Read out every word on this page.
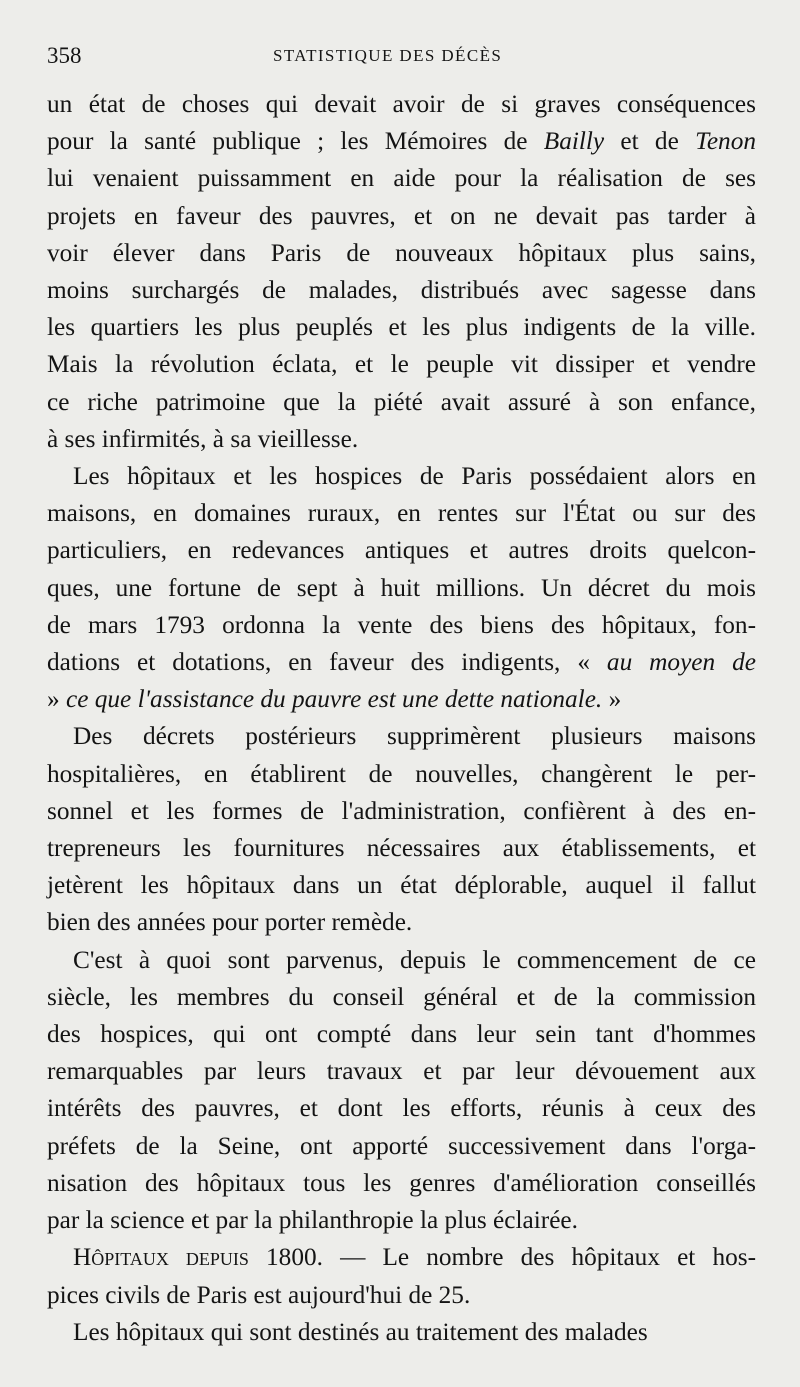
358	STATISTIQUE DES DÉCÈS
un état de choses qui devait avoir de si graves conséquences
pour la santé publique ; les Mémoires de Bailly et de Tenon
lui venaient puissamment en aide pour la réalisation de ses
projets en faveur des pauvres, et on ne devait pas tarder à
voir élever dans Paris de nouveaux hôpitaux plus sains,
moins surchargés de malades, distribués avec sagesse dans
les quartiers les plus peuplés et les plus indigents de la ville.
Mais la révolution éclata, et le peuple vit dissiper et vendre
ce riche patrimoine que la piété avait assuré à son enfance,
à ses infirmités, à sa vieillesse.
Les hôpitaux et les hospices de Paris possédaient alors en
maisons, en domaines ruraux, en rentes sur l'État ou sur des
particuliers, en redevances antiques et autres droits quelcon-
ques, une fortune de sept à huit millions. Un décret du mois
de mars 1793 ordonna la vente des biens des hôpitaux, fon-
dations et dotations, en faveur des indigents, « au moyen de
» ce que l'assistance du pauvre est une dette nationale. »
Des décrets postérieurs supprimèrent plusieurs maisons
hospitalières, en établirent de nouvelles, changèrent le per-
sonnel et les formes de l'administration, confièrent à des en-
trepreneurs les fournitures nécessaires aux établissements, et
jetèrent les hôpitaux dans un état déplorable, auquel il fallut
bien des années pour porter remède.
C'est à quoi sont parvenus, depuis le commencement de ce
siècle, les membres du conseil général et de la commission
des hospices, qui ont compté dans leur sein tant d'hommes
remarquables par leurs travaux et par leur dévouement aux
intérêts des pauvres, et dont les efforts, réunis à ceux des
préfets de la Seine, ont apporté successivement dans l'orga-
nisation des hôpitaux tous les genres d'amélioration conseillés
par la science et par la philanthropie la plus éclairée.
Hôpitaux depuis 1800. — Le nombre des hôpitaux et hos-
pices civils de Paris est aujourd'hui de 25.
Les hôpitaux qui sont destinés au traitement des malades
